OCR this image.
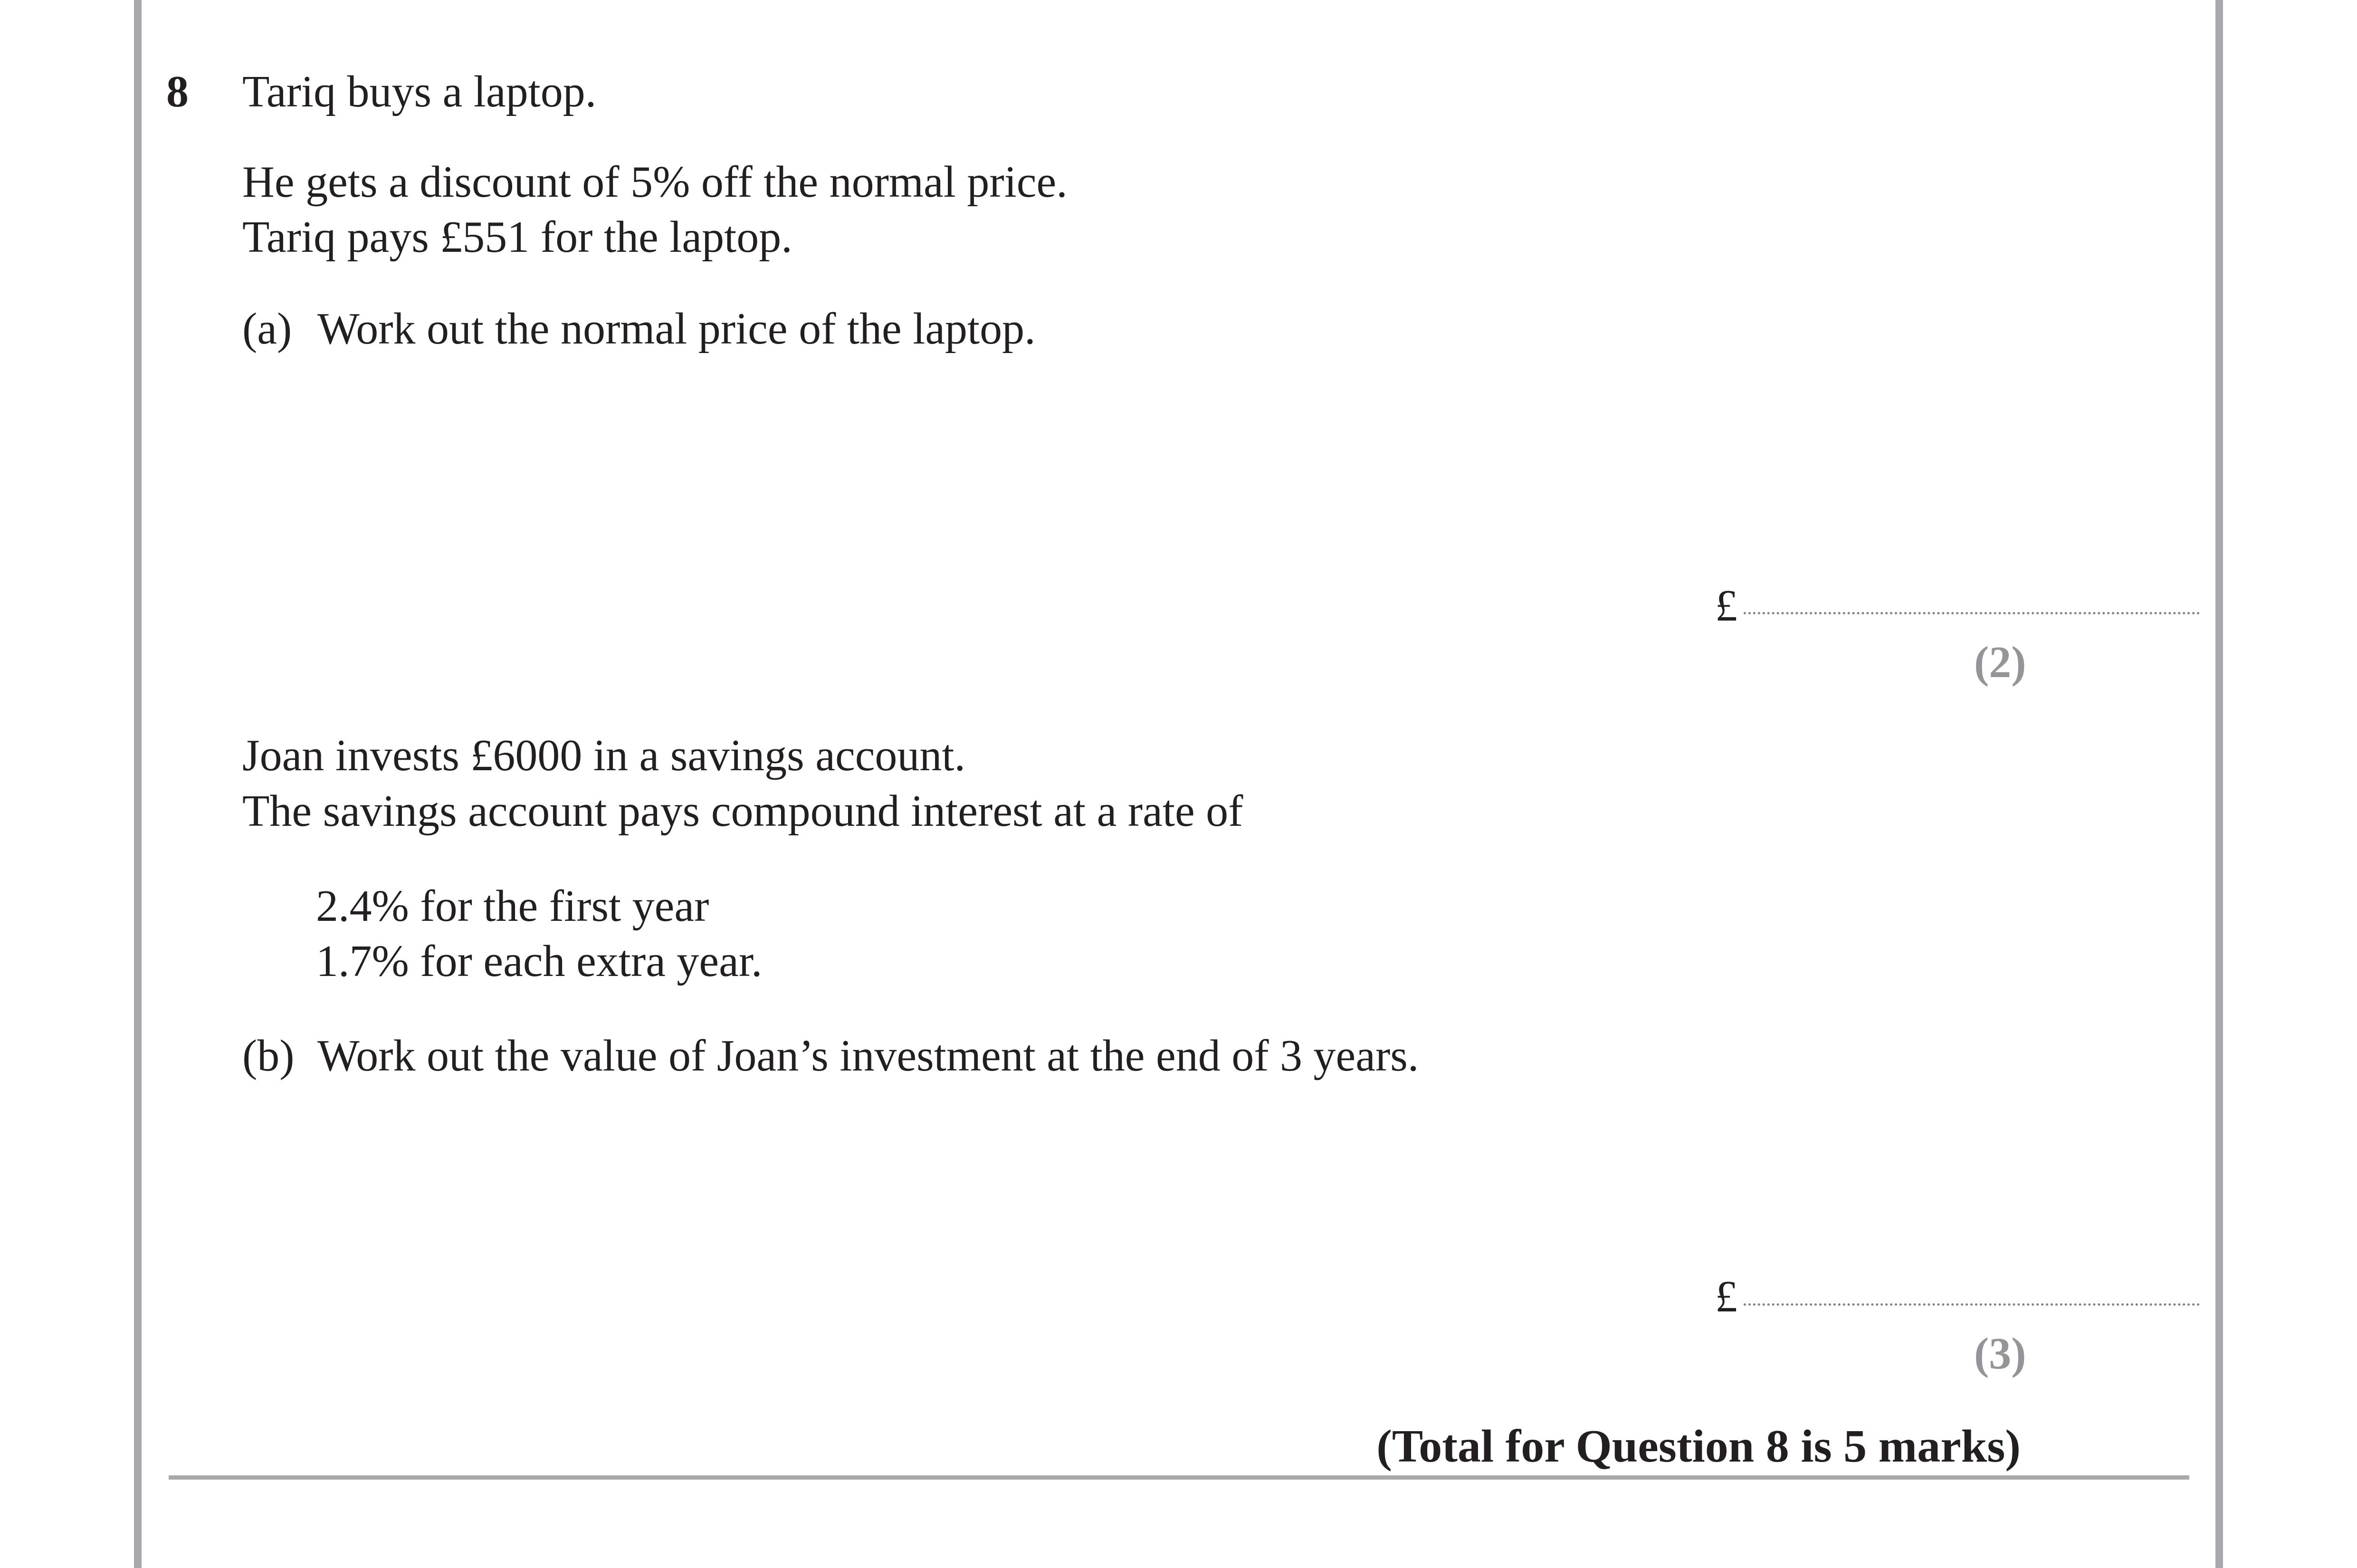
8 Tariq buys a laptop.
He gets a discount of 5% off the normal price.
Tariq pays £551 for the laptop.
(a) Work out the normal price of the laptop.
£
(2)
Joan invests £6000 in a savings account.
The savings account pays compound interest at a rate of
2.4% for the first year
1.7% for each extra year.
(b) Work out the value of Joan’s investment at the end of 3 years.
£
(3)
(Total for Question 8 is 5 marks)
